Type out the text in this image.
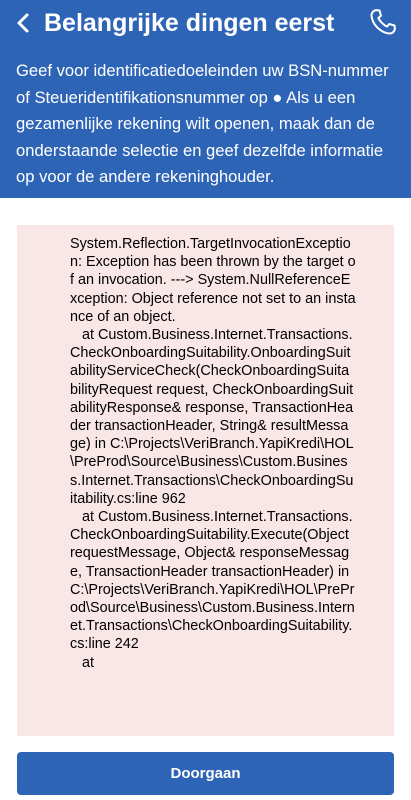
Belangrijke dingen eerst

Geef voor identificatiedoeleinden uw BSN-nummer of Steueridentifikationsnummer op ● Als u een gezamenlijke rekening wilt openen, maak dan de onderstaande selectie en geef dezelfde informatie op voor de andere rekeninghouder.

System.Reflection.TargetInvocationException: Exception has been thrown by the target of an invocation. ---> System.NullReferenceException: Object reference not set to an instance of an object.
at Custom.Business.Internet.Transactions.CheckOnboardingSuitability.OnboardingSuitabilityServiceCheck(CheckOnboardingSuitabilityRequest request, CheckOnboardingSuitabilityResponse& response, TransactionHeader transactionHeader, String& resultMessage) in C:\Projects\VeriBranch.YapiKredi\HOL\PreProd\Source\Business\Custom.Business.Internet.Transactions\CheckOnboardingSuitability.cs:line 962
at Custom.Business.Internet.Transactions.CheckOnboardingSuitability.Execute(Object requestMessage, Object& responseMessage, TransactionHeader transactionHeader) in C:\Projects\VeriBranch.YapiKredi\HOL\PreProd\Source\Business\Custom.Business.Internet.Transactions\CheckOnboardingSuitability.cs:line 242
at
Doorgaan
